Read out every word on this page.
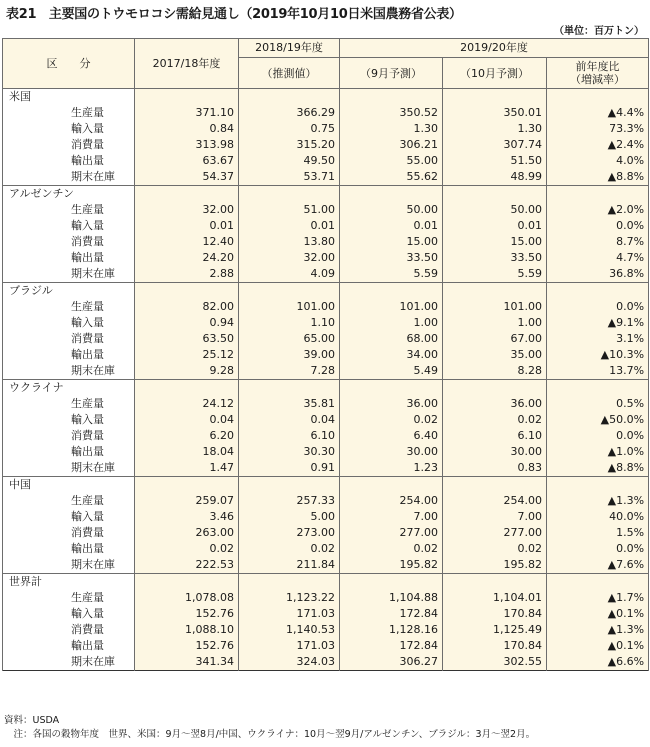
表21　主要国のトウモロコシ需給見通し（2019年10月10日米国農務省公表）
（単位：百万トン）
区　　分	2017/18年度	2018/19年度	2019/20年度		
		（推測値）	（9月予測）	（10月予測）	前年度比
（増減率）

米国					
生産量	371.10	366.29	350.52	350.01	▲4.4%
輸入量	0.84	0.75	1.30	1.30	73.3%
消費量	313.98	315.20	306.21	307.74	▲2.4%
輸出量	63.67	49.50	55.00	51.50	4.0%
期末在庫	54.37	53.71	55.62	48.99	▲8.8%
アルゼンチン					
生産量	32.00	51.00	50.00	50.00	▲2.0%
輸入量	0.01	0.01	0.01	0.01	0.0%
消費量	12.40	13.80	15.00	15.00	8.7%
輸出量	24.20	32.00	33.50	33.50	4.7%
期末在庫	2.88	4.09	5.59	5.59	36.8%
ブラジル					
生産量	82.00	101.00	101.00	101.00	0.0%
輸入量	0.94	1.10	1.00	1.00	▲9.1%
消費量	63.50	65.00	68.00	67.00	3.1%
輸出量	25.12	39.00	34.00	35.00	▲10.3%
期末在庫	9.28	7.28	5.49	8.28	13.7%
ウクライナ					
生産量	24.12	35.81	36.00	36.00	0.5%
輸入量	0.04	0.04	0.02	0.02	▲50.0%
消費量	6.20	6.10	6.40	6.10	0.0%
輸出量	18.04	30.30	30.00	30.00	▲1.0%
期末在庫	1.47	0.91	1.23	0.83	▲8.8%
中国					
生産量	259.07	257.33	254.00	254.00	▲1.3%
輸入量	3.46	5.00	7.00	7.00	40.0%
消費量	263.00	273.00	277.00	277.00	1.5%
輸出量	0.02	0.02	0.02	0.02	0.0%
期末在庫	222.53	211.84	195.82	195.82	▲7.6%
世界計					
生産量	1,078.08	1,123.22	1,104.88	1,104.01	▲1.7%
輸入量	152.76	171.03	172.84	170.84	▲0.1%
消費量	1,088.10	1,140.53	1,128.16	1,125.49	▲1.3%
輸出量	152.76	171.03	172.84	170.84	▲0.1%
期末在庫	341.34	324.03	306.27	302.55	▲6.6%
資料：USDA
　注：各国の穀物年度　世界、米国：9月～翌8月/中国、ウクライナ：10月～翌9月/アルゼンチン、ブラジル：3月～翌2月。
